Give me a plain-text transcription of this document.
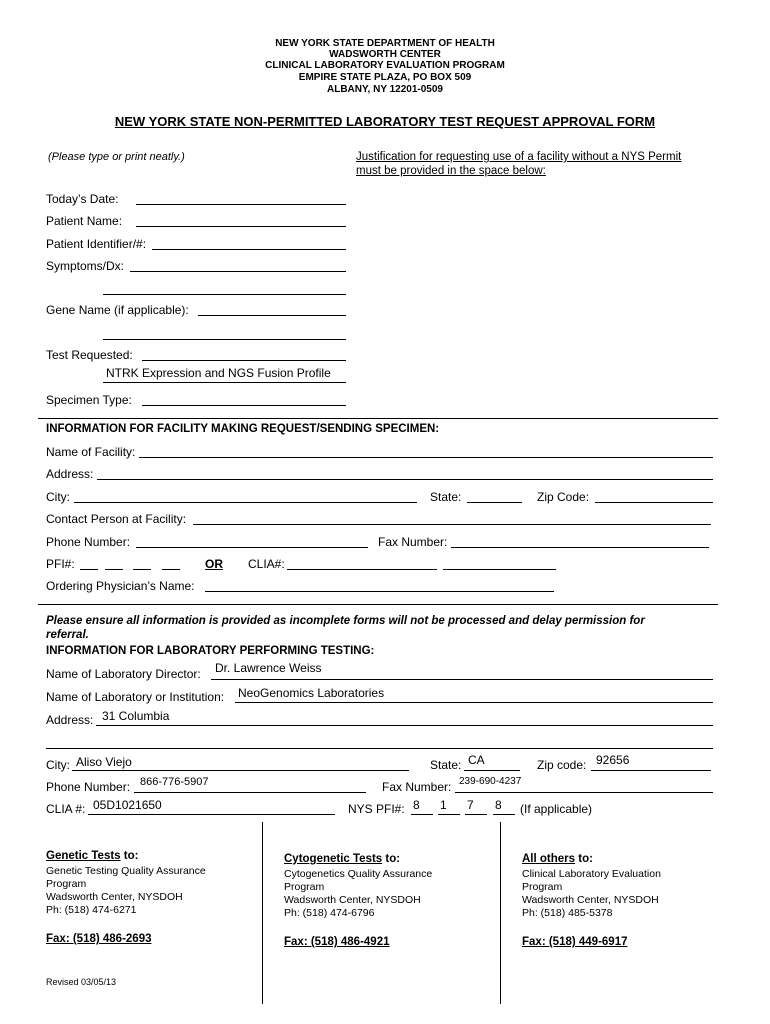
NEW YORK STATE DEPARTMENT OF HEALTH
WADSWORTH CENTER
CLINICAL LABORATORY EVALUATION PROGRAM
EMPIRE STATE PLAZA, PO BOX 509
ALBANY, NY 12201-0509
NEW YORK STATE NON-PERMITTED LABORATORY TEST REQUEST APPROVAL FORM
(Please type or print neatly.)	Justification for requesting use of a facility without a NYS Permit
must be provided in the space below:
Today’s Date:
Patient Name:
Patient Identifier/#:
Symptoms/Dx:
Gene Name (if applicable):
Test Requested:
NTRK Expression and NGS Fusion Profile
Specimen Type:
INFORMATION FOR FACILITY MAKING REQUEST/SENDING SPECIMEN:
Name of Facility:
Address:
City:	State:	Zip Code:
Contact Person at Facility:
Phone Number:	Fax Number:
PFI#:	OR CLIA#:
Ordering Physician’s Name:
Please ensure all information is provided as incomplete forms will not be processed and delay permission for
referral.
INFORMATION FOR LABORATORY PERFORMING TESTING:
Name of Laboratory Director: Dr. Lawrence Weiss
Name of Laboratory or Institution: NeoGenomics Laboratories
Address: 31 Columbia
City: Aliso Viejo	State: CA	Zip code: 92656
Phone Number: 866-776-5907	Fax Number: 239-690-4237
CLIA #: 05D1021650	NYS PFI#: 8 1 7 8 (If applicable)
Genetic Tests to:
Genetic Testing Quality Assurance
Program
Wadsworth Center, NYSDOH
Ph: (518) 474-6271
Fax: (518) 486-2693
Cytogenetic Tests to:
Cytogenetics Quality Assurance
Program
Wadsworth Center, NYSDOH
Ph: (518) 474-6796
Fax: (518) 486-4921
All others to:
Clinical Laboratory Evaluation
Program
Wadsworth Center, NYSDOH
Ph: (518) 485-5378
Fax: (518) 449-6917
Revised 03/05/13
